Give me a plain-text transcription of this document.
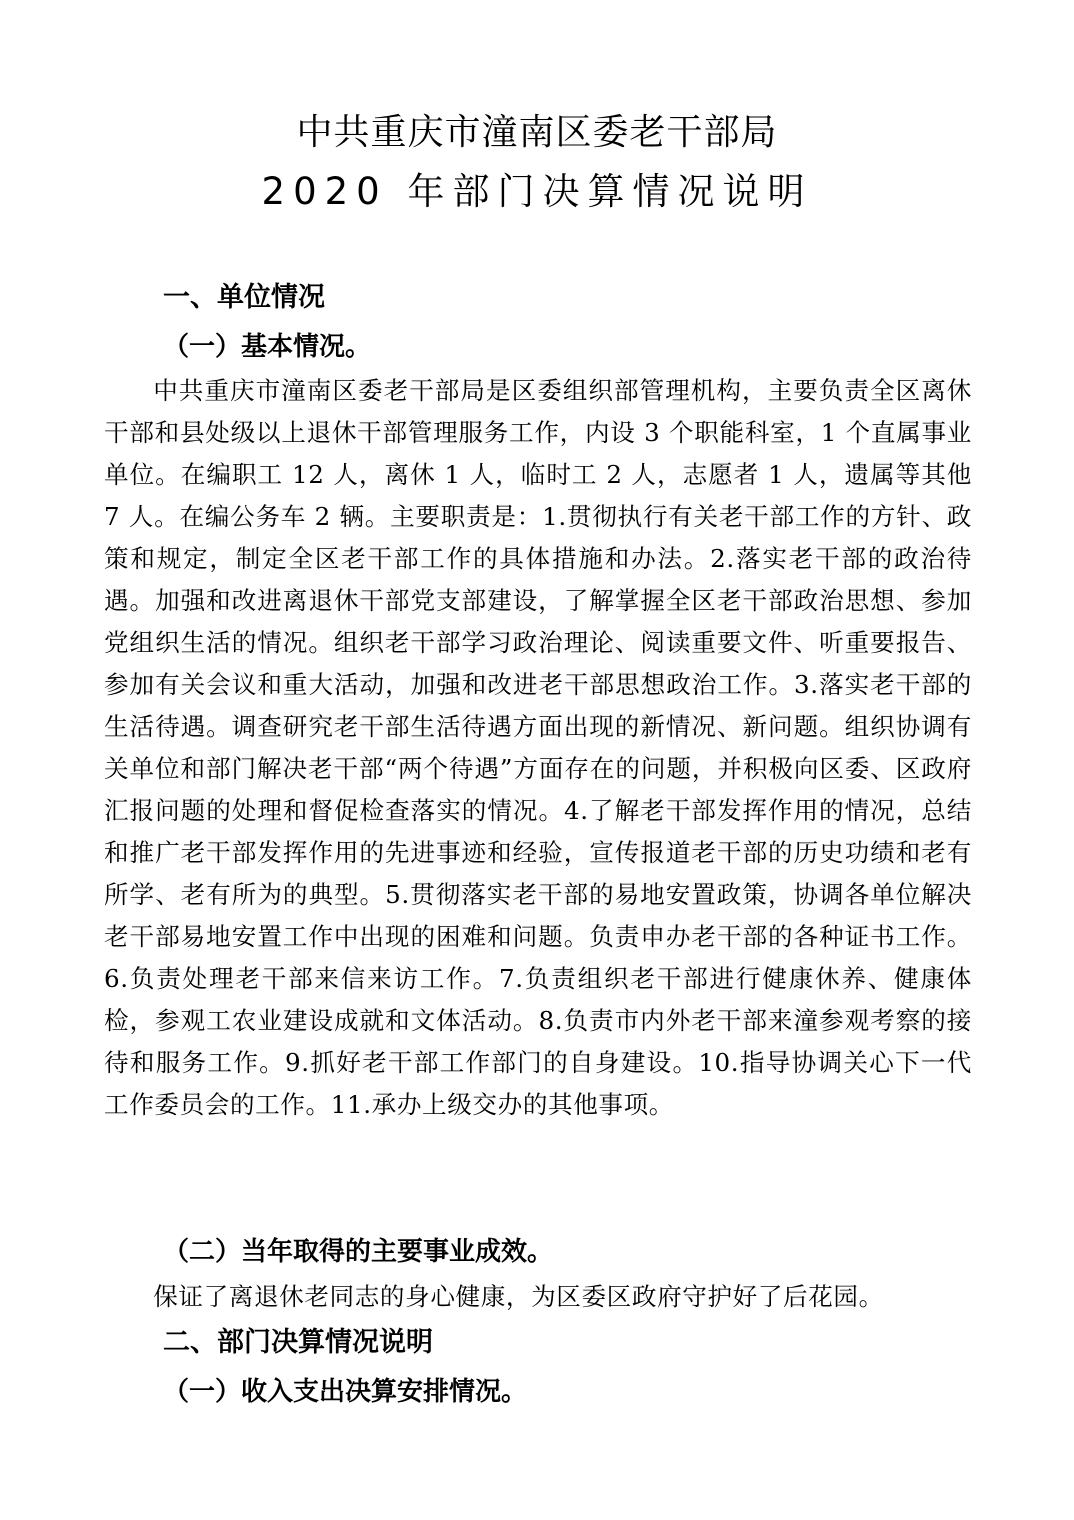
中共重庆市潼南区委老干部局
2020 年部门决算情况说明
一、单位情况
（一）基本情况。
中共重庆市潼南区委老干部局是区委组织部管理机构，主要负责全区离休干部和县处级以上退休干部管理服务工作，内设 3 个职能科室，1 个直属事业单位。在编职工 12 人，离休 1 人，临时工 2 人，志愿者 1 人，遗属等其他 7 人。在编公务车 2 辆。主要职责是：1.贯彻执行有关老干部工作的方针、政策和规定，制定全区老干部工作的具体措施和办法。2.落实老干部的政治待遇。加强和改进离退休干部党支部建设，了解掌握全区老干部政治思想、参加党组织生活的情况。组织老干部学习政治理论、阅读重要文件、听重要报告、参加有关会议和重大活动，加强和改进老干部思想政治工作。3.落实老干部的生活待遇。调查研究老干部生活待遇方面出现的新情况、新问题。组织协调有关单位和部门解决老干部“两个待遇”方面存在的问题，并积极向区委、区政府汇报问题的处理和督促检查落实的情况。4.了解老干部发挥作用的情况，总结和推广老干部发挥作用的先进事迹和经验，宣传报道老干部的历史功绩和老有所学、老有所为的典型。5.贯彻落实老干部的易地安置政策，协调各单位解决老干部易地安置工作中出现的困难和问题。负责申办老干部的各种证书工作。6.负责处理老干部来信来访工作。7.负责组织老干部进行健康休养、健康体检，参观工农业建设成就和文体活动。8.负责市内外老干部来潼参观考察的接待和服务工作。9.抓好老干部工作部门的自身建设。10.指导协调关心下一代工作委员会的工作。11.承办上级交办的其他事项。
（二）当年取得的主要事业成效。
保证了离退休老同志的身心健康，为区委区政府守护好了后花园。
二、部门决算情况说明
（一）收入支出决算安排情况。
